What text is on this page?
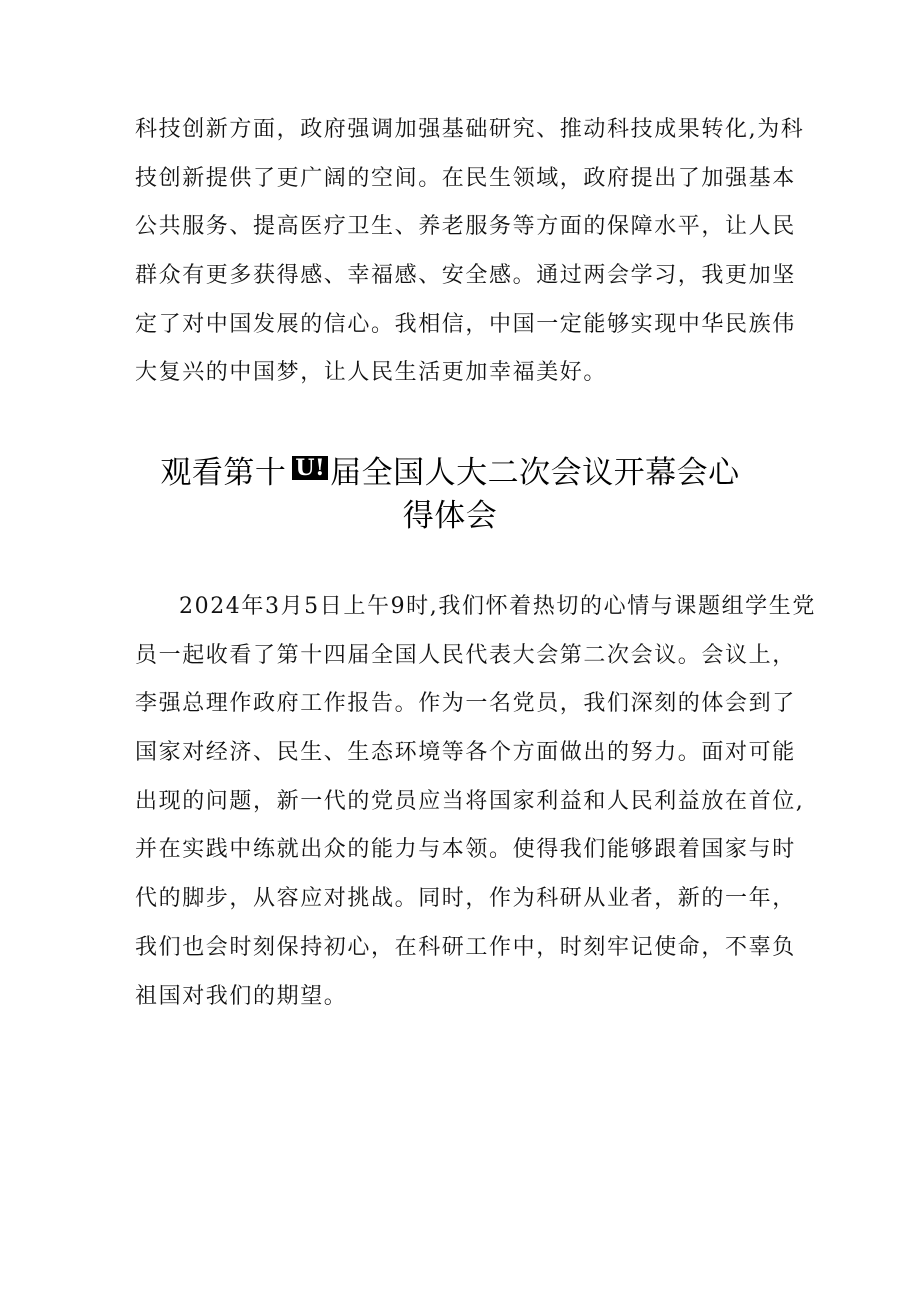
科技创新方面，政府强调加强基础研究、推动科技成果转化,为科
技创新提供了更广阔的空间。在民生领域，政府提出了加强基本
公共服务、提高医疗卫生、养老服务等方面的保障水平，让人民
群众有更多获得感、幸福感、安全感。通过两会学习，我更加坚
定了对中国发展的信心。我相信，中国一定能够实现中华民族伟
大复兴的中国梦，让人民生活更加幸福美好。
观看第十 U! 届全国人大二次会议开幕会心
得体会
2024年3月5日上午9时,我们怀着热切的心情与课题组学生党
员一起收看了第十四届全国人民代表大会第二次会议。会议上，
李强总理作政府工作报告。作为一名党员，我们深刻的体会到了
国家对经济、民生、生态环境等各个方面做出的努力。面对可能
出现的问题，新一代的党员应当将国家利益和人民利益放在首位,
并在实践中练就出众的能力与本领。使得我们能够跟着国家与时
代的脚步，从容应对挑战。同时，作为科研从业者，新的一年，
我们也会时刻保持初心，在科研工作中，时刻牢记使命，不辜负
祖国对我们的期望。
